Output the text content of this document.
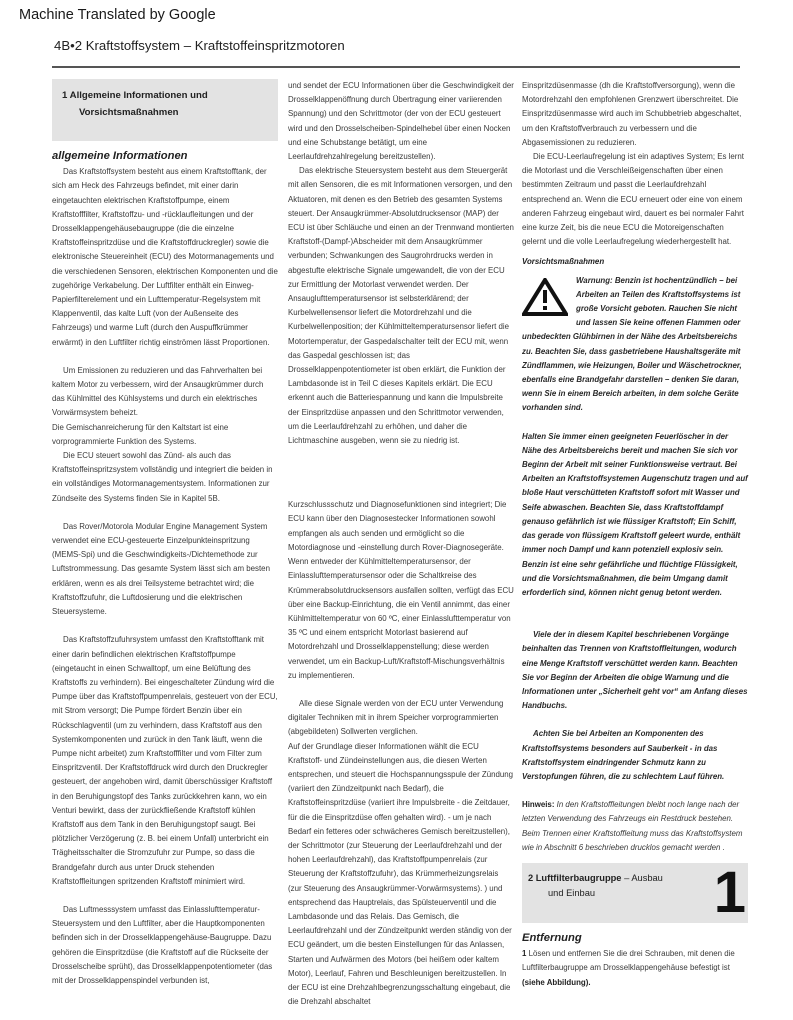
Machine Translated by Google
4B•2 Kraftstoffsystem – Kraftstoffeinspritzmotoren
1 Allgemeine Informationen und
Vorsichtsmaßnahmen
allgemeine Informationen

Das Kraftstoffsystem besteht aus einem Kraftstofftank, der sich am Heck des Fahrzeugs befindet, mit einer darin eingetauchten elektrischen Kraftstoffpumpe, einem Kraftstofffilter, Kraftstoffzu- und -rücklaufleitungen und der Drosselklappengehäusebaugruppe (die die einzelne Kraftstoffeinspritzdüse und die Kraftstoffdruckregler) sowie die elektronische Steuereinheit (ECU) des Motormanagements und die verschiedenen Sensoren, elektrischen Komponenten und die zugehörige Verkabelung. Der Luftfilter enthält ein Einweg-Papierfilterelement und ein Lufttemperatur-Regelsystem mit Klappenventil, das kalte Luft (von der Außenseite des Fahrzeugs) und warme Luft (durch den Auspuffkrümmer erwärmt) in den Luftfilter richtig einströmen lässt Proportionen.

Um Emissionen zu reduzieren und das Fahrverhalten bei kaltem Motor zu verbessern, wird der Ansaugkrümmer durch das Kühlmittel des Kühlsystems und durch ein elektrisches Vorwärmsystem beheizt.

Die Gemischanreicherung für den Kaltstart ist eine vorprogrammierte Funktion des Systems.

Die ECU steuert sowohl das Zünd- als auch das Kraftstoffeinspritzsystem vollständig und integriert die beiden in ein vollständiges Motormanagementsystem. Informationen zur Zündseite des Systems finden Sie in Kapitel 5B.

Das Rover/Motorola Modular Engine Management System verwendet eine ECU-gesteuerte Einzelpunkteinspritzung (MEMS-Spi) und die Geschwindigkeits-/Dichtemethode zur Luftstrommessung. Das gesamte System lässt sich am besten erklären, wenn es als drei Teilsysteme betrachtet wird; die Kraftstoffzufuhr, die Luftdosierung und die elektrischen Steuersysteme.

Das Kraftstoffzufuhrsystem umfasst den Kraftstofftank mit einer darin befindlichen elektrischen Kraftstoffpumpe (eingetaucht in einen Schwalltopf, um eine Belüftung des Kraftstoffs zu verhindern). Bei eingeschalteter Zündung wird die Pumpe über das Kraftstoffpumpenrelais, gesteuert von der ECU, mit Strom versorgt; Die Pumpe fördert Benzin über ein Rückschlagventil (um zu verhindern, dass Kraftstoff aus den Systemkomponenten und zurück in den Tank läuft, wenn die Pumpe nicht arbeitet) zum Kraftstofffilter und vom Filter zum Einspritzventil. Der Kraftstoffdruck wird durch den Druckregler gesteuert, der angehoben wird, damit überschüssiger Kraftstoff in den Beruhigungstopf des Tanks zurückkehren kann, wo ein Venturi bewirkt, dass der zurückfließende Kraftstoff kühlen Kraftstoff aus dem Tank in den Beruhigungstopf saugt. Bei plötzlicher Verzögerung (z. B. bei einem Unfall) unterbricht ein Trägheitsschalter die Stromzufuhr zur Pumpe, so dass die Brandgefahr durch aus unter Druck stehenden Kraftstoffleitungen spritzenden Kraftstoff minimiert wird.

Das Luftmesssystem umfasst das Einlasslufttemperatur-Steuersystem und den Luftfilter, aber die Hauptkomponenten befinden sich in der Drosselklappengehäuse-Baugruppe. Dazu gehören die Einspritzdüse (die Kraftstoff auf die Rückseite der Drosselscheibe sprüht), das Drosselklappenpotentiometer (das mit der Drosselklappenspindel verbunden ist,

und sendet der ECU Informationen über die Geschwindigkeit der Drosselklappenöffnung durch Übertragung einer variierenden Spannung) und den Schrittmotor (der von der ECU gesteuert wird und den Drosselscheiben-Spindelhebel über einen Nocken und eine Schubstange betätigt, um eine Leerlaufdrehzahlregelung bereitzustellen).

Das elektrische Steuersystem besteht aus dem Steuergerät mit allen Sensoren, die es mit Informationen versorgen, und den Aktuatoren, mit denen es den Betrieb des gesamten Systems steuert. Der Ansaugkrümmer-Absolutdrucksensor (MAP) der ECU ist über Schläuche und einen an der Trennwand montierten Kraftstoff-(Dampf-)Abscheider mit dem Ansaugkrümmer verbunden; Schwankungen des Saugrohrdrucks werden in abgestufte elektrische Signale umgewandelt, die von der ECU zur Ermittlung der Motorlast verwendet werden. Der Ansauglufttemperatursensor ist selbsterklärend; der Kurbelwellensensor liefert die Motordrehzahl und die Kurbelwellenposition; der Kühlmitteltemperatursensor liefert die Motortemperatur, der Gaspedalschalter teilt der ECU mit, wenn das Gaspedal geschlossen ist; das Drosselklappenpotentiometer ist oben erklärt, die Funktion der Lambdasonde ist in Teil C dieses Kapitels erklärt. Die ECU erkennt auch die Batteriespannung und kann die Impulsbreite der Einspritzdüse anpassen und den Schrittmotor verwenden, um die Leerlaufdrehzahl zu erhöhen, und daher die Lichtmaschine ausgeben, wenn sie zu niedrig ist.

Kurzschlussschutz und Diagnosefunktionen sind integriert; Die ECU kann über den Diagnosestecker Informationen sowohl empfangen als auch senden und ermöglicht so die Motordiagnose und -einstellung durch Rover-Diagnosegeräte. Wenn entweder der Kühlmitteltemperatursensor, der Einlasslufttemperatursensor oder die Schaltkreise des Krümmerabsolutdrucksensors ausfallen sollten, verfügt das ECU über eine Backup-Einrichtung, die ein Ventil annimmt, das einer Kühlmitteltemperatur von 60 ºC, einer Einlasslufttemperatur von 35 ºC und einem entspricht Motorlast basierend auf Motordrehzahl und Drosselklappenstellung; diese werden verwendet, um ein Backup-Luft/Kraftstoff-Mischungsverhältnis zu implementieren.

Alle diese Signale werden von der ECU unter Verwendung digitaler Techniken mit in ihrem Speicher vorprogrammierten (abgebildeten) Sollwerten verglichen.

Auf der Grundlage dieser Informationen wählt die ECU Kraftstoff- und Zündeinstellungen aus, die diesen Werten entsprechen, und steuert die Hochspannungsspule der Zündung (variiert den Zündzeitpunkt nach Bedarf), die Kraftstoffeinspritzdüse (variiert ihre Impulsbreite - die Zeitdauer, für die die Einspritzdüse offen gehalten wird). - um je nach Bedarf ein fetteres oder schwächeres Gemisch bereitzustellen), der Schrittmotor (zur Steuerung der Leerlaufdrehzahl und der hohen Leerlaufdrehzahl), das Kraftstoffpumpenrelais (zur Steuerung der Kraftstoffzufuhr), das Krümmerheizungsrelais (zur Steuerung des Ansaugkrümmer-Vorwärmsystems). ) und entsprechend das Hauptrelais, das Spülsteuerventil und die Lambdasonde und das Relais. Das Gemisch, die Leerlaufdrehzahl und der Zündzeitpunkt werden ständig von der ECU geändert, um die besten Einstellungen für das Anlassen, Starten und Aufwärmen des Motors (bei heißem oder kaltem Motor), Leerlauf, Fahren und Beschleunigen bereitzustellen. In der ECU ist eine Drehzahlbegrenzungsschaltung eingebaut, die die Drehzahl abschaltet

Einspritzdüsenmasse (dh die Kraftstoffversorgung), wenn die Motordrehzahl den empfohlenen Grenzwert überschreitet. Die Einspritzdüsenmasse wird auch im Schubbetrieb abgeschaltet, um den Kraftstoffverbrauch zu verbessern und die Abgasemissionen zu reduzieren.

Die ECU-Leerlaufregelung ist ein adaptives System; Es lernt die Motorlast und die Verschleißeigenschaften über einen bestimmten Zeitraum und passt die Leerlaufdrehzahl entsprechend an. Wenn die ECU erneuert oder eine von einem anderen Fahrzeug eingebaut wird, dauert es bei normaler Fahrt eine kurze Zeit, bis die neue ECU die Motoreigenschaften gelernt und die volle Leerlaufregelung wiederhergestellt hat.

Vorsichtsmaßnahmen

Warnung: Benzin ist hochentzündlich – bei Arbeiten an Teilen des Kraftstoffsystems ist große Vorsicht geboten. Rauchen Sie nicht und lassen Sie keine offenen Flammen oder unbedeckten Glühbirnen in der Nähe des Arbeitsbereichs zu. Beachten Sie, dass gasbetriebene Haushaltsgeräte mit Zündflammen, wie Heizungen, Boiler und Wäschetrockner, ebenfalls eine Brandgefahr darstellen – denken Sie daran, wenn Sie in einem Bereich arbeiten, in dem solche Geräte vorhanden sind.

Halten Sie immer einen geeigneten Feuerlöscher in der Nähe des Arbeitsbereichs bereit und machen Sie sich vor Beginn der Arbeit mit seiner Funktionsweise vertraut. Bei Arbeiten an Kraftstoffsystemen Augenschutz tragen und auf bloße Haut verschütteten Kraftstoff sofort mit Wasser und Seife abwaschen. Beachten Sie, dass Kraftstoffdampf genauso gefährlich ist wie flüssiger Kraftstoff; Ein Schiff, das gerade von flüssigem Kraftstoff geleert wurde, enthält immer noch Dampf und kann potenziell explosiv sein. Benzin ist eine sehr gefährliche und flüchtige Flüssigkeit, und die Vorsichtsmaßnahmen, die beim Umgang damit erforderlich sind, können nicht genug betont werden.

Viele der in diesem Kapitel beschriebenen Vorgänge beinhalten das Trennen von Kraftstoffleitungen, wodurch eine Menge Kraftstoff verschüttet werden kann. Beachten Sie vor Beginn der Arbeiten die obige Warnung und die Informationen unter „Sicherheit geht vor“ am Anfang dieses Handbuchs.

Achten Sie bei Arbeiten an Komponenten des Kraftstoffsystems besonders auf Sauberkeit - in das Kraftstoffsystem eindringender Schmutz kann zu Verstopfungen führen, die zu schlechtem Lauf führen.

Hinweis: In den Kraftstoffleitungen bleibt noch lange nach der letzten Verwendung des Fahrzeugs ein Restdruck bestehen. Beim Trennen einer Kraftstoffleitung muss das Kraftstoffsystem wie in Abschnitt 6 beschrieben drucklos gemacht werden .

2 Luftfilterbaugruppe – Ausbau
und Einbau	1
Entfernung

1 Lösen und entfernen Sie die drei Schrauben, mit denen die Luftfilterbaugruppe am Drosselklappengehäuse befestigt ist (siehe Abbildung).
